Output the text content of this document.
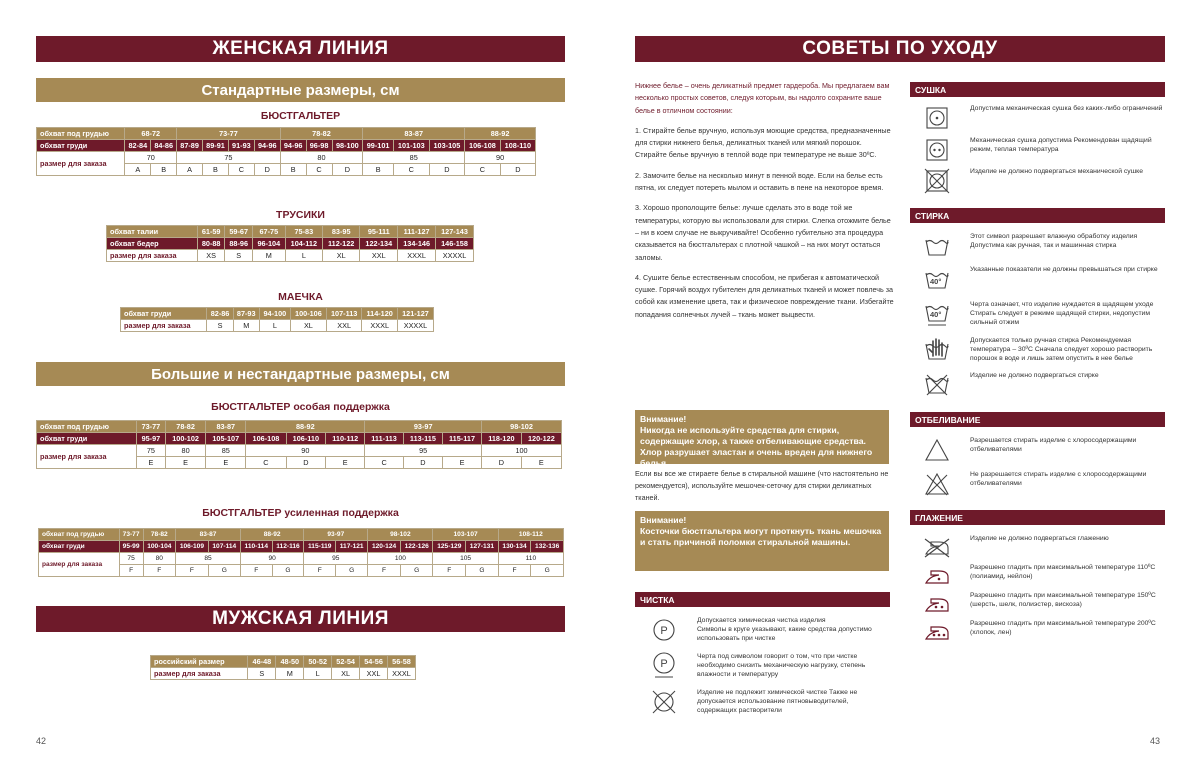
ЖЕНСКАЯ ЛИНИЯ
Стандартные размеры, см
БЮСТГАЛЬТЕР
обхват под грудью	68-72		73-77				78-82			83-87			88-92	
обхват груди	82-84	84-86	87-89	89-91	91-93	94-96	94-96	96-98	98-100	99-101	101-103	103-105	106-108	108-110
размер для заказа	70		75				80			85			90	
	A	B	A	B	C	D	B	C	D	B	C	D	C	D
ТРУСИКИ
обхват талии	61-59	59-67	67-75	75-83	83-95	95-111	111-127	127-143
обхват бедер	80-88	88-96	96-104	104-112	112-122	122-134	134-146	146-158
размер для заказа	XS	S	M	L	XL	XXL	XXXL	XXXXL
МАЕЧКА
обхват груди	82-86	87-93	94-100	100-106	107-113	114-120	121-127
размер для заказа	S	M	L	XL	XXL	XXXL	XXXXL
Большие и нестандартные размеры, см
БЮСТГАЛЬТЕР особая поддержка
обхват под грудью	73-77	78-82	83-87	88-92			93-97			98-102	
обхват груди	95-97	100-102	105-107	106-108	106-110	110-112	111-113	113-115	115-117	118-120	120-122
размер для заказа	75	80	85	90			95			100	
	E	E	E	C	D	E	C	D	E	D	E
БЮСТГАЛЬТЕР усиленная поддержка
обхват под грудью	73-77	78-82	83-87		88-92		93-97		98-102		103-107		108-112	
обхват груди	95-99	100-104	106-109	107-114	110-114	112-116	115-119	117-121	120-124	122-126	125-129	127-131	130-134	132-136
размер для заказа	75	80	85		90		95		100		105		110	
	F	F	F	G	F	G	F	G	F	G	F	G	F	G
МУЖСКАЯ ЛИНИЯ
российский размер	46-48	48-50	50-52	52-54	54-56	56-58
размер для заказа	S	M	L	XL	XXL	XXXL
42
СОВЕТЫ ПО УХОДУ

Нижнее белье – очень деликатный предмет гардероба. Мы предлагаем вам несколько простых советов, следуя которым, вы надолго сохраните ваше белье в отличном состоянии:

1. Стирайте белье вручную, используя моющие средства, предназначенные для стирки нижнего белья, деликатных тканей или мягкий порошок. Стирайте белье вручную в теплой воде при температуре не выше 30ºС.

2. Замочите белье на несколько минут в пенной воде. Если на белье есть пятна, их следует потереть мылом и оставить в пене на некоторое время.

3. Хорошо прополощите белье: лучше сделать это в воде той же температуры, которую вы использовали для стирки. Слегка отожмите белье – ни в коем случае не выкручивайте! Особенно губительно эта процедура сказывается на бюстгальтерах с плотной чашкой – на них могут остаться заломы.

4. Сушите белье естественным способом, не прибегая к автоматической сушке. Горячий воздух губителен для деликатных тканей и может повлечь за собой как изменение цвета, так и физическое повреждение ткани. Избегайте попадания солнечных лучей – ткань может выцвести.

Внимание!
Никогда не используйте средства для стирки, содержащие хлор, а также отбеливающие средства. Хлор разрушает эластан и очень вреден для нижнего белья.
Если вы все же стираете белье в стиральной машине (что настоятельно не рекомендуется), используйте мешочек-сеточку для стирки деликатных тканей.
Внимание!
Косточки бюстгальтера могут проткнуть ткань мешочка и стать причиной поломки стиральной машины.
ЧИСТКА
P
Допускается химическая чистка изделия
Символы в круге указывают, какие средства допустимо использовать при чистке
P
Черта под символом говорит о том, что при чистке необходимо снизить механическую нагрузку, степень влажности и температуру
Изделие не подлежит химической чистке Также не допускается использование пятновыводителей, содержащих растворители
СУШКА
Допустима механическая сушка без каких-либо ограничений
Механическая сушка допустима Рекомендован щадящий режим, теплая температура
Изделие не должно подвергаться механической сушке
СТИРКА
Этот символ разрешает влажную обработку изделия
Допустима как ручная, так и машинная стирка
40°
Указанные показатели не должны превышаться при стирке
40°
Черта означает, что изделие нуждается в щадящем уходе Стирать следует в режиме щадящей стирки, недопустим сильный отжим
Допускается только ручная стирка Рекомендуемая температура – 30ºС Сначала следует хорошо растворить порошок в воде и лишь затем опустить в нее белье
Изделие не должно подвергаться стирке
ОТБЕЛИВАНИЕ
Разрешается стирать изделие с хлоросодержащими отбеливателями
Не разрешается стирать изделие с хлоросодержащими отбеливателями
ГЛАЖЕНИЕ
Изделие не должно подвергаться глажению
Разрешено гладить при максимальной температуре 110ºС (полиамид, нейлон)
Разрешено гладить при максимальной температуре 150ºС (шерсть, шелк, полиэстер, вискоза)
Разрешено гладить при максимальной температуре 200ºС (хлопок, лен)
43
